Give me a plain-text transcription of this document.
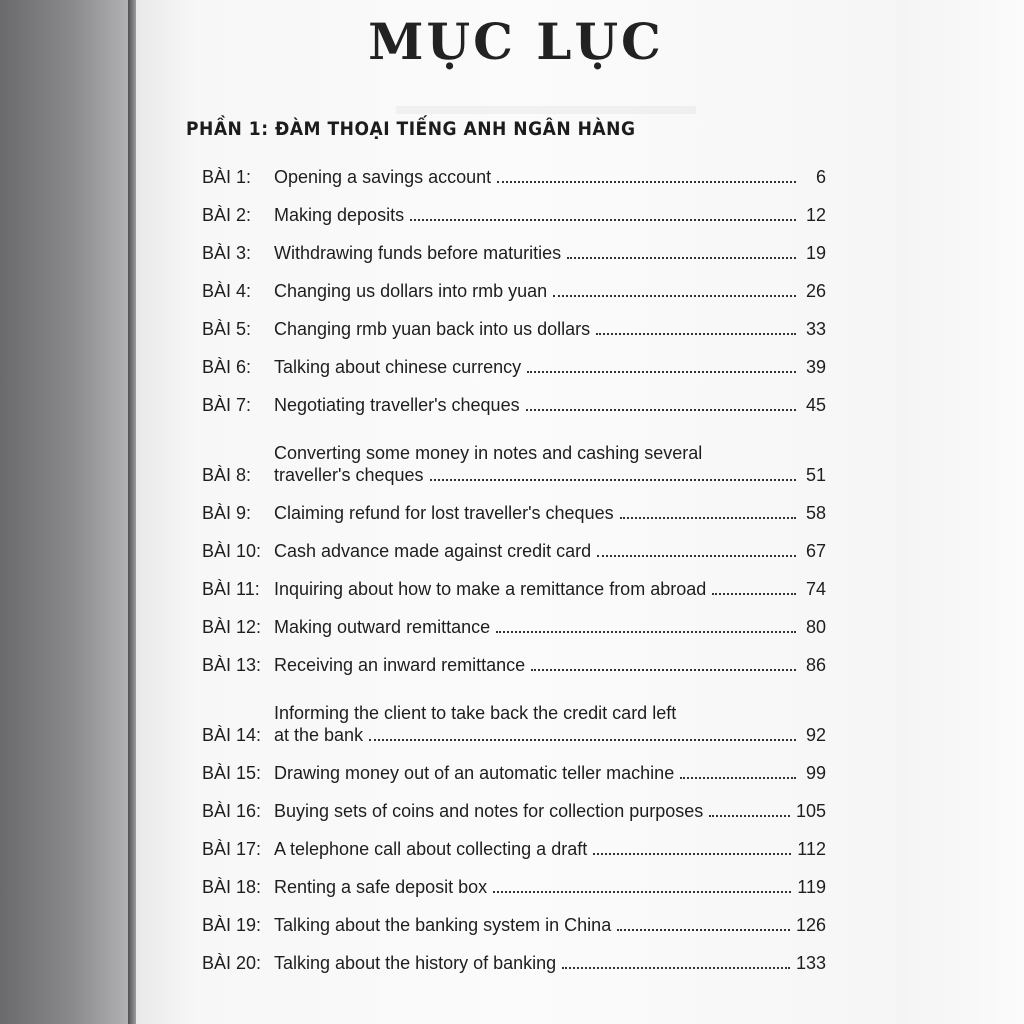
MỤC LỤC
PHẦN 1: ĐÀM THOẠI TIẾNG ANH NGÂN HÀNG
BÀI 1:	Opening a savings account	6
BÀI 2:	Making deposits	12
BÀI 3:	Withdrawing funds before maturities	19
BÀI 4:	Changing us dollars into rmb yuan	26
BÀI 5:	Changing rmb yuan back into us dollars	33
BÀI 6:	Talking about chinese currency	39
BÀI 7:	Negotiating traveller's cheques	45
BÀI 8:
Converting some money in notes and cashing several
traveller's cheques	51
BÀI 9:	Claiming refund for lost traveller's cheques	58
BÀI 10: Cash advance made against credit card	67
BÀI 11: Inquiring about how to make a remittance from abroad	74
BÀI 12: Making outward remittance	80
BÀI 13: Receiving an inward remittance	86
BÀI 14:
Informing the client to take back the credit card left
at the bank	92
BÀI 15: Drawing money out of an automatic teller machine	99
BÀI 16: Buying sets of coins and notes for collection purposes	105
BÀI 17: A telephone call about collecting a draft	112
BÀI 18: Renting a safe deposit box	119
BÀI 19: Talking about the banking system in China	126
BÀI 20: Talking about the history of banking	133
